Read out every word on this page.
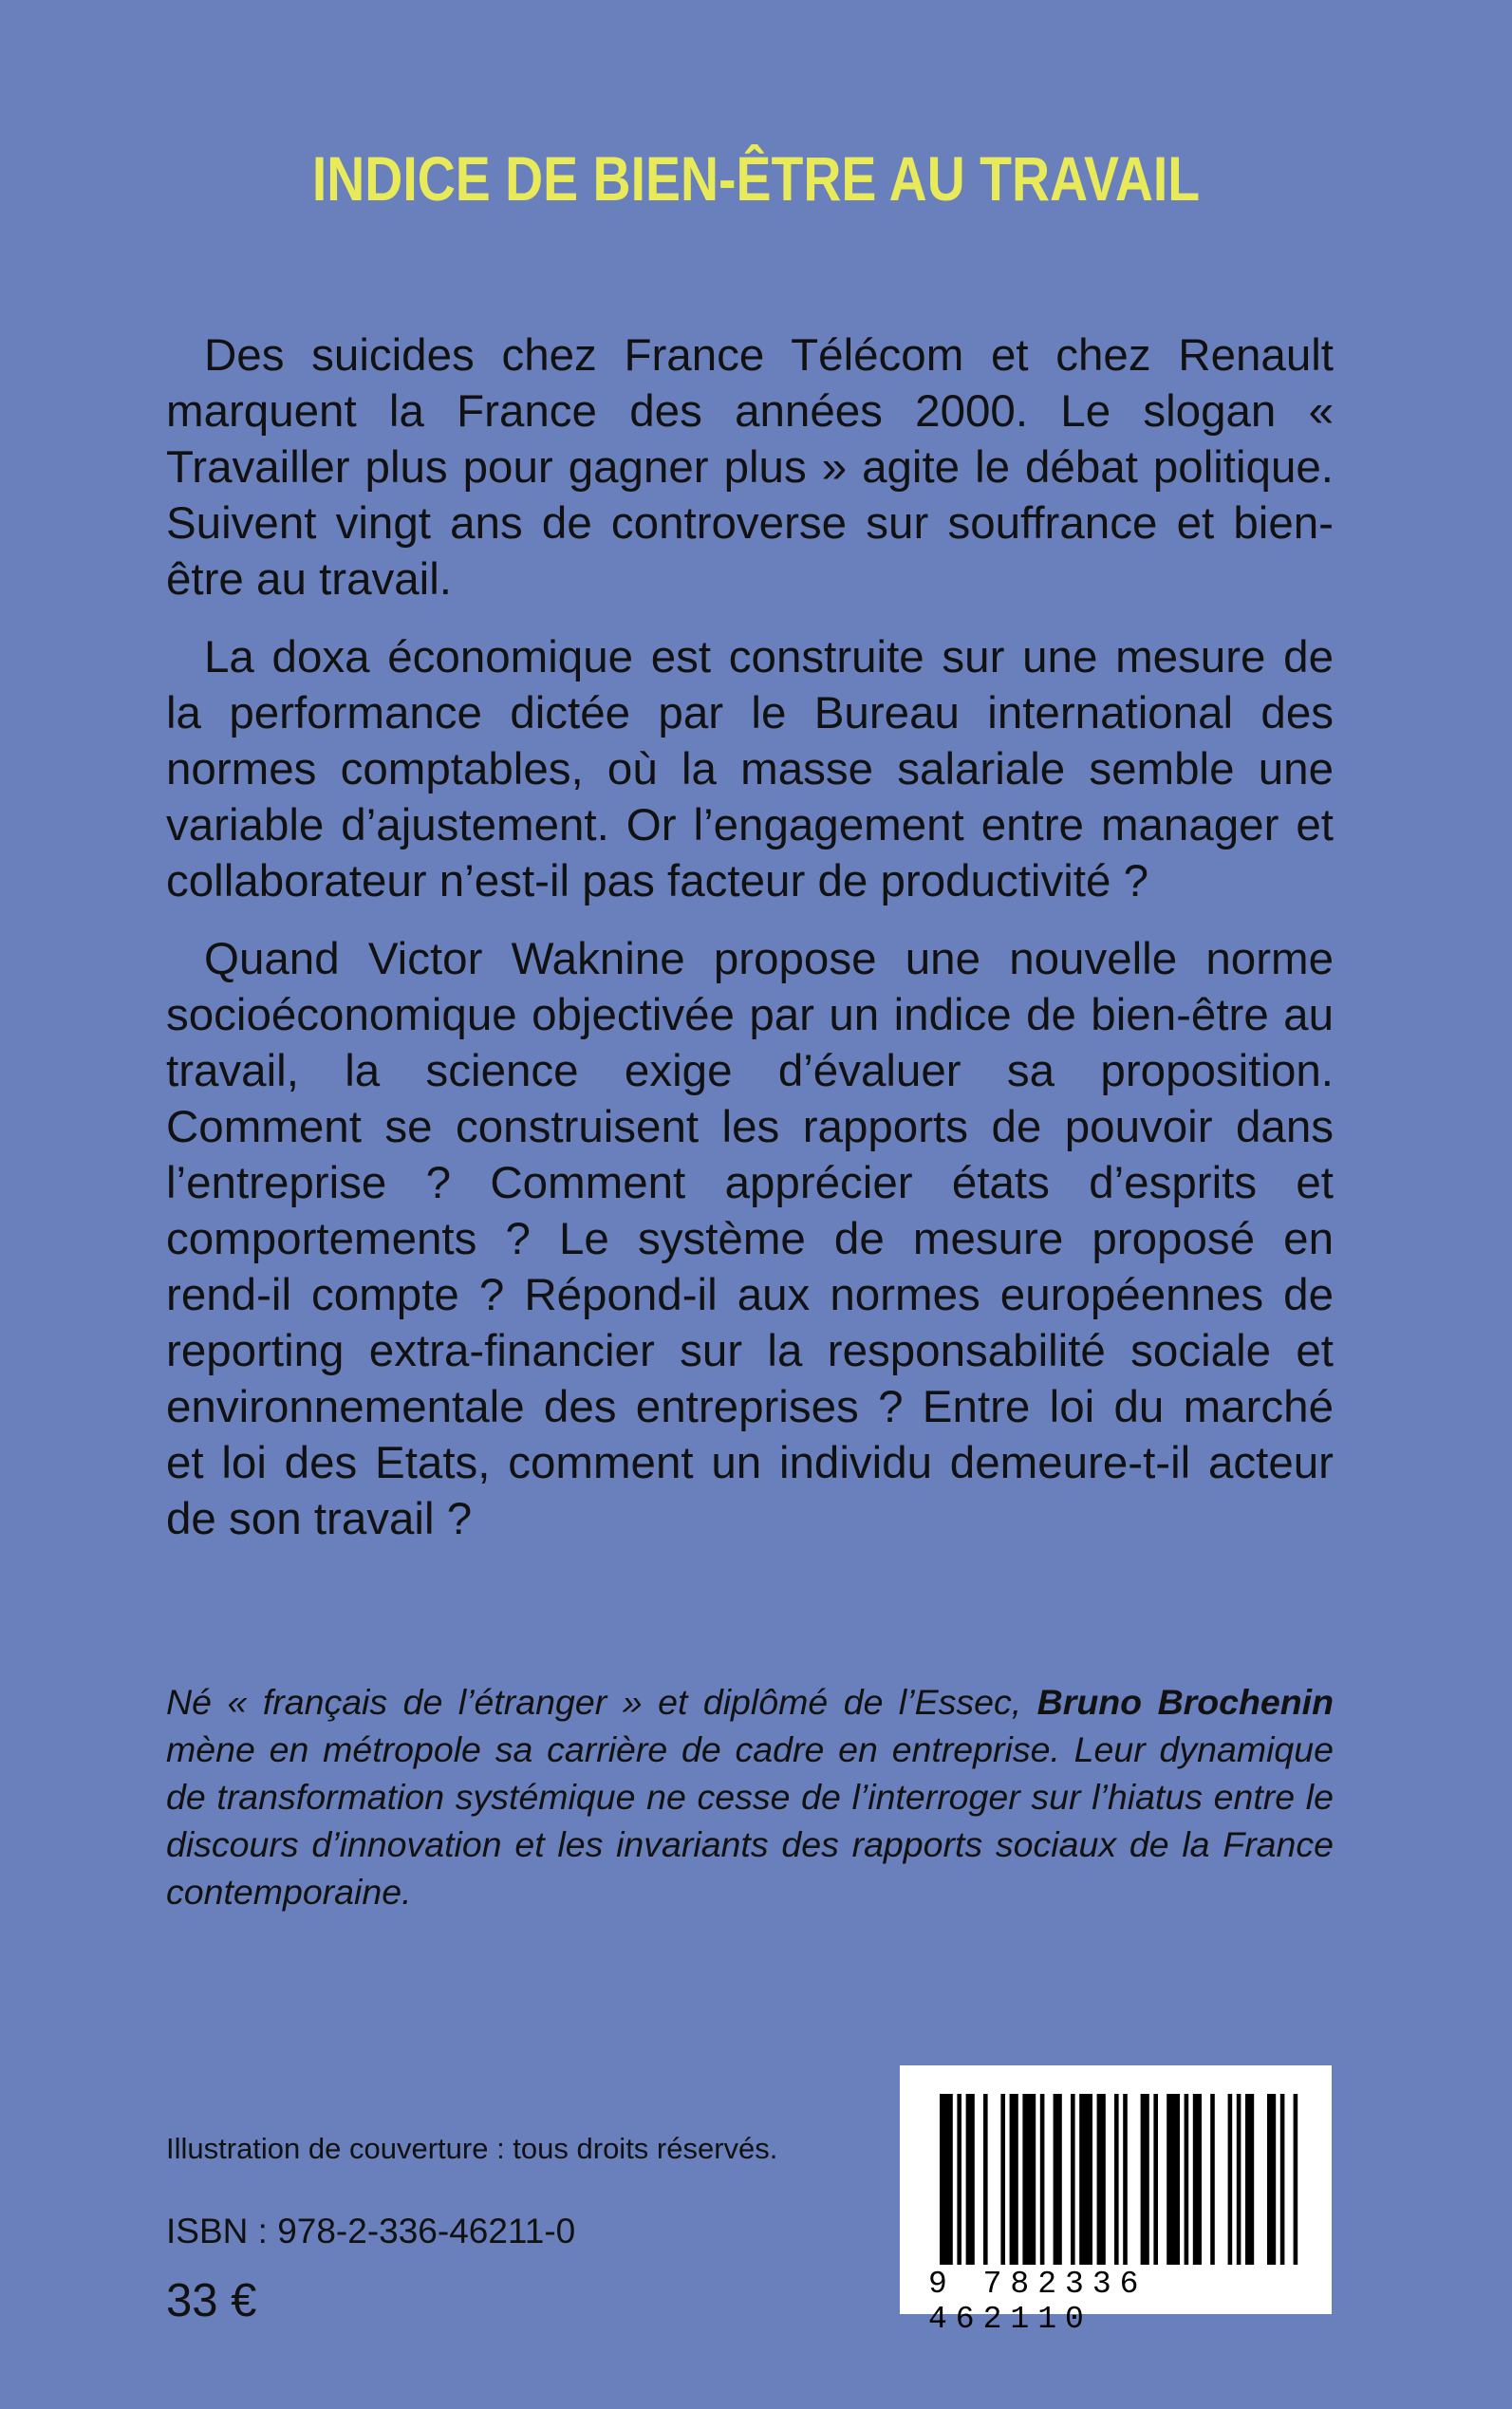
INDICE DE BIEN-ÊTRE AU TRAVAIL

Des suicides chez France Télécom et chez Renault marquent la France des années 2000. Le slogan « Travailler plus pour gagner plus » agite le débat politique. Suivent vingt ans de controverse sur souffrance et bien- être au travail.

La doxa économique est construite sur une mesure de la performance dictée par le Bureau international des normes comptables, où la masse salariale semble une variable d’ajustement. Or l’engagement entre manager et collaborateur n’est-il pas facteur de productivité ?

Quand Victor Waknine propose une nouvelle norme socioéconomique objectivée par un indice de bien-être au travail, la science exige d’évaluer sa proposition. Comment se construisent les rapports de pouvoir dans l’entreprise ? Comment apprécier états d’esprits et comportements ? Le système de mesure proposé en rend-il compte ? Répond-il aux normes européennes de reporting extra-financier sur la responsabilité sociale et environnementale des entreprises ? Entre loi du marché et loi des Etats, comment un individu demeure-t-il acteur de son travail ?

Né « français de l’étranger » et diplômé de l’Essec, Bruno Brochenin mène en métropole sa carrière de cadre en entreprise. Leur dynamique de transformation systémique ne cesse de l’interroger sur l’hiatus entre le discours d’innovation et les invariants des rapports sociaux de la France contemporaine.
Illustration de couverture : tous droits réservés.
ISBN : 978-2-336-46211-0
33 €	9 782336 462110
